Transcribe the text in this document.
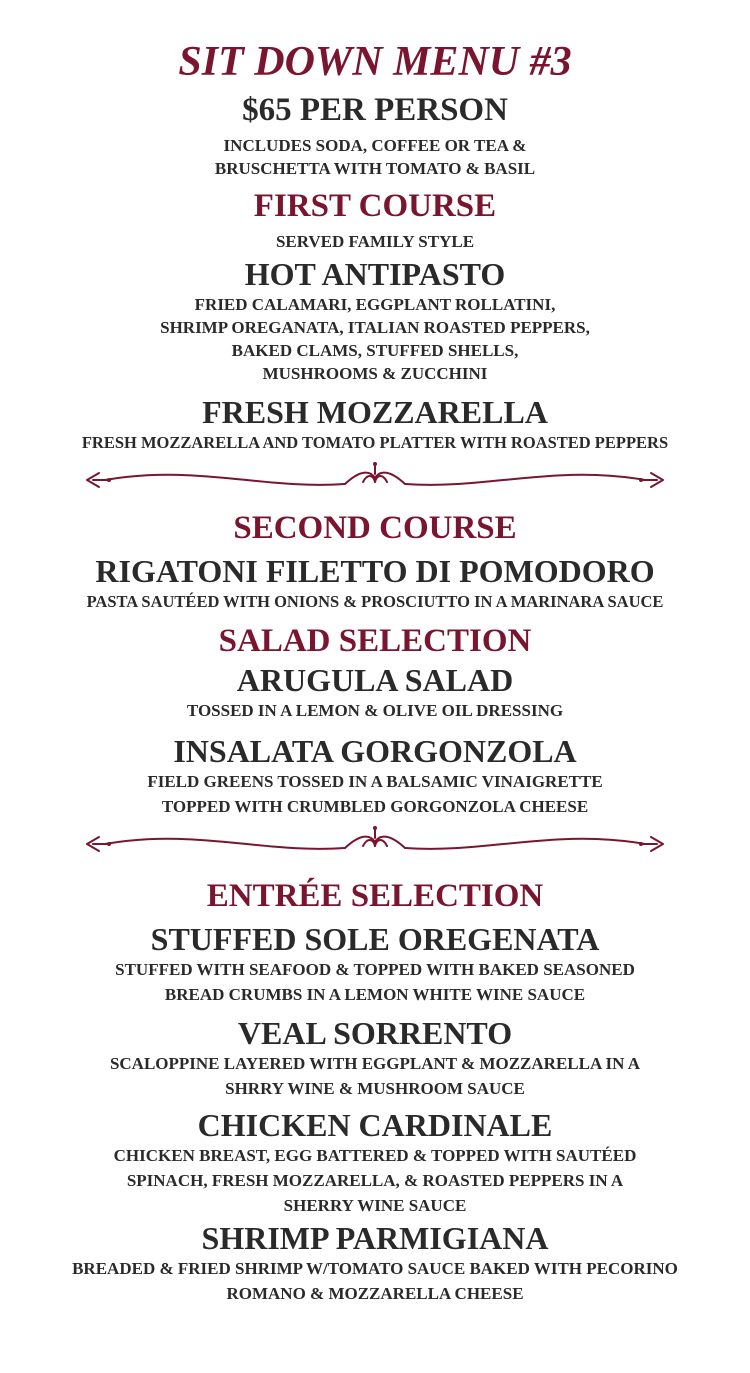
SIT DOWN MENU #3
$65 PER PERSON
INCLUDES SODA, COFFEE OR TEA &
BRUSCHETTA WITH TOMATO & BASIL
FIRST COURSE
SERVED FAMILY STYLE
HOT ANTIPASTO
FRIED CALAMARI, EGGPLANT ROLLATINI,
SHRIMP OREGANATA, ITALIAN ROASTED PEPPERS,
BAKED CLAMS, STUFFED SHELLS,
MUSHROOMS & ZUCCHINI
FRESH MOZZARELLA
FRESH MOZZARELLA AND TOMATO PLATTER WITH ROASTED PEPPERS
SECOND COURSE
RIGATONI FILETTO DI POMODORO
PASTA SAUTÉED WITH ONIONS & PROSCIUTTO IN A MARINARA SAUCE
SALAD SELECTION
ARUGULA SALAD
TOSSED IN A LEMON & OLIVE OIL DRESSING
INSALATA GORGONZOLA
FIELD GREENS TOSSED IN A BALSAMIC VINAIGRETTE
TOPPED WITH CRUMBLED GORGONZOLA CHEESE
ENTRÉE SELECTION
STUFFED SOLE OREGENATA
STUFFED WITH SEAFOOD & TOPPED WITH BAKED SEASONED
BREAD CRUMBS IN A LEMON WHITE WINE SAUCE
VEAL SORRENTO
SCALOPPINE LAYERED WITH EGGPLANT & MOZZARELLA IN A
SHRRY WINE & MUSHROOM SAUCE
CHICKEN CARDINALE
CHICKEN BREAST, EGG BATTERED & TOPPED WITH SAUTÉED
SPINACH, FRESH MOZZARELLA, & ROASTED PEPPERS IN A
SHERRY WINE SAUCE
SHRIMP PARMIGIANA
BREADED & FRIED SHRIMP W/TOMATO SAUCE BAKED WITH PECORINO
ROMANO & MOZZARELLA CHEESE
